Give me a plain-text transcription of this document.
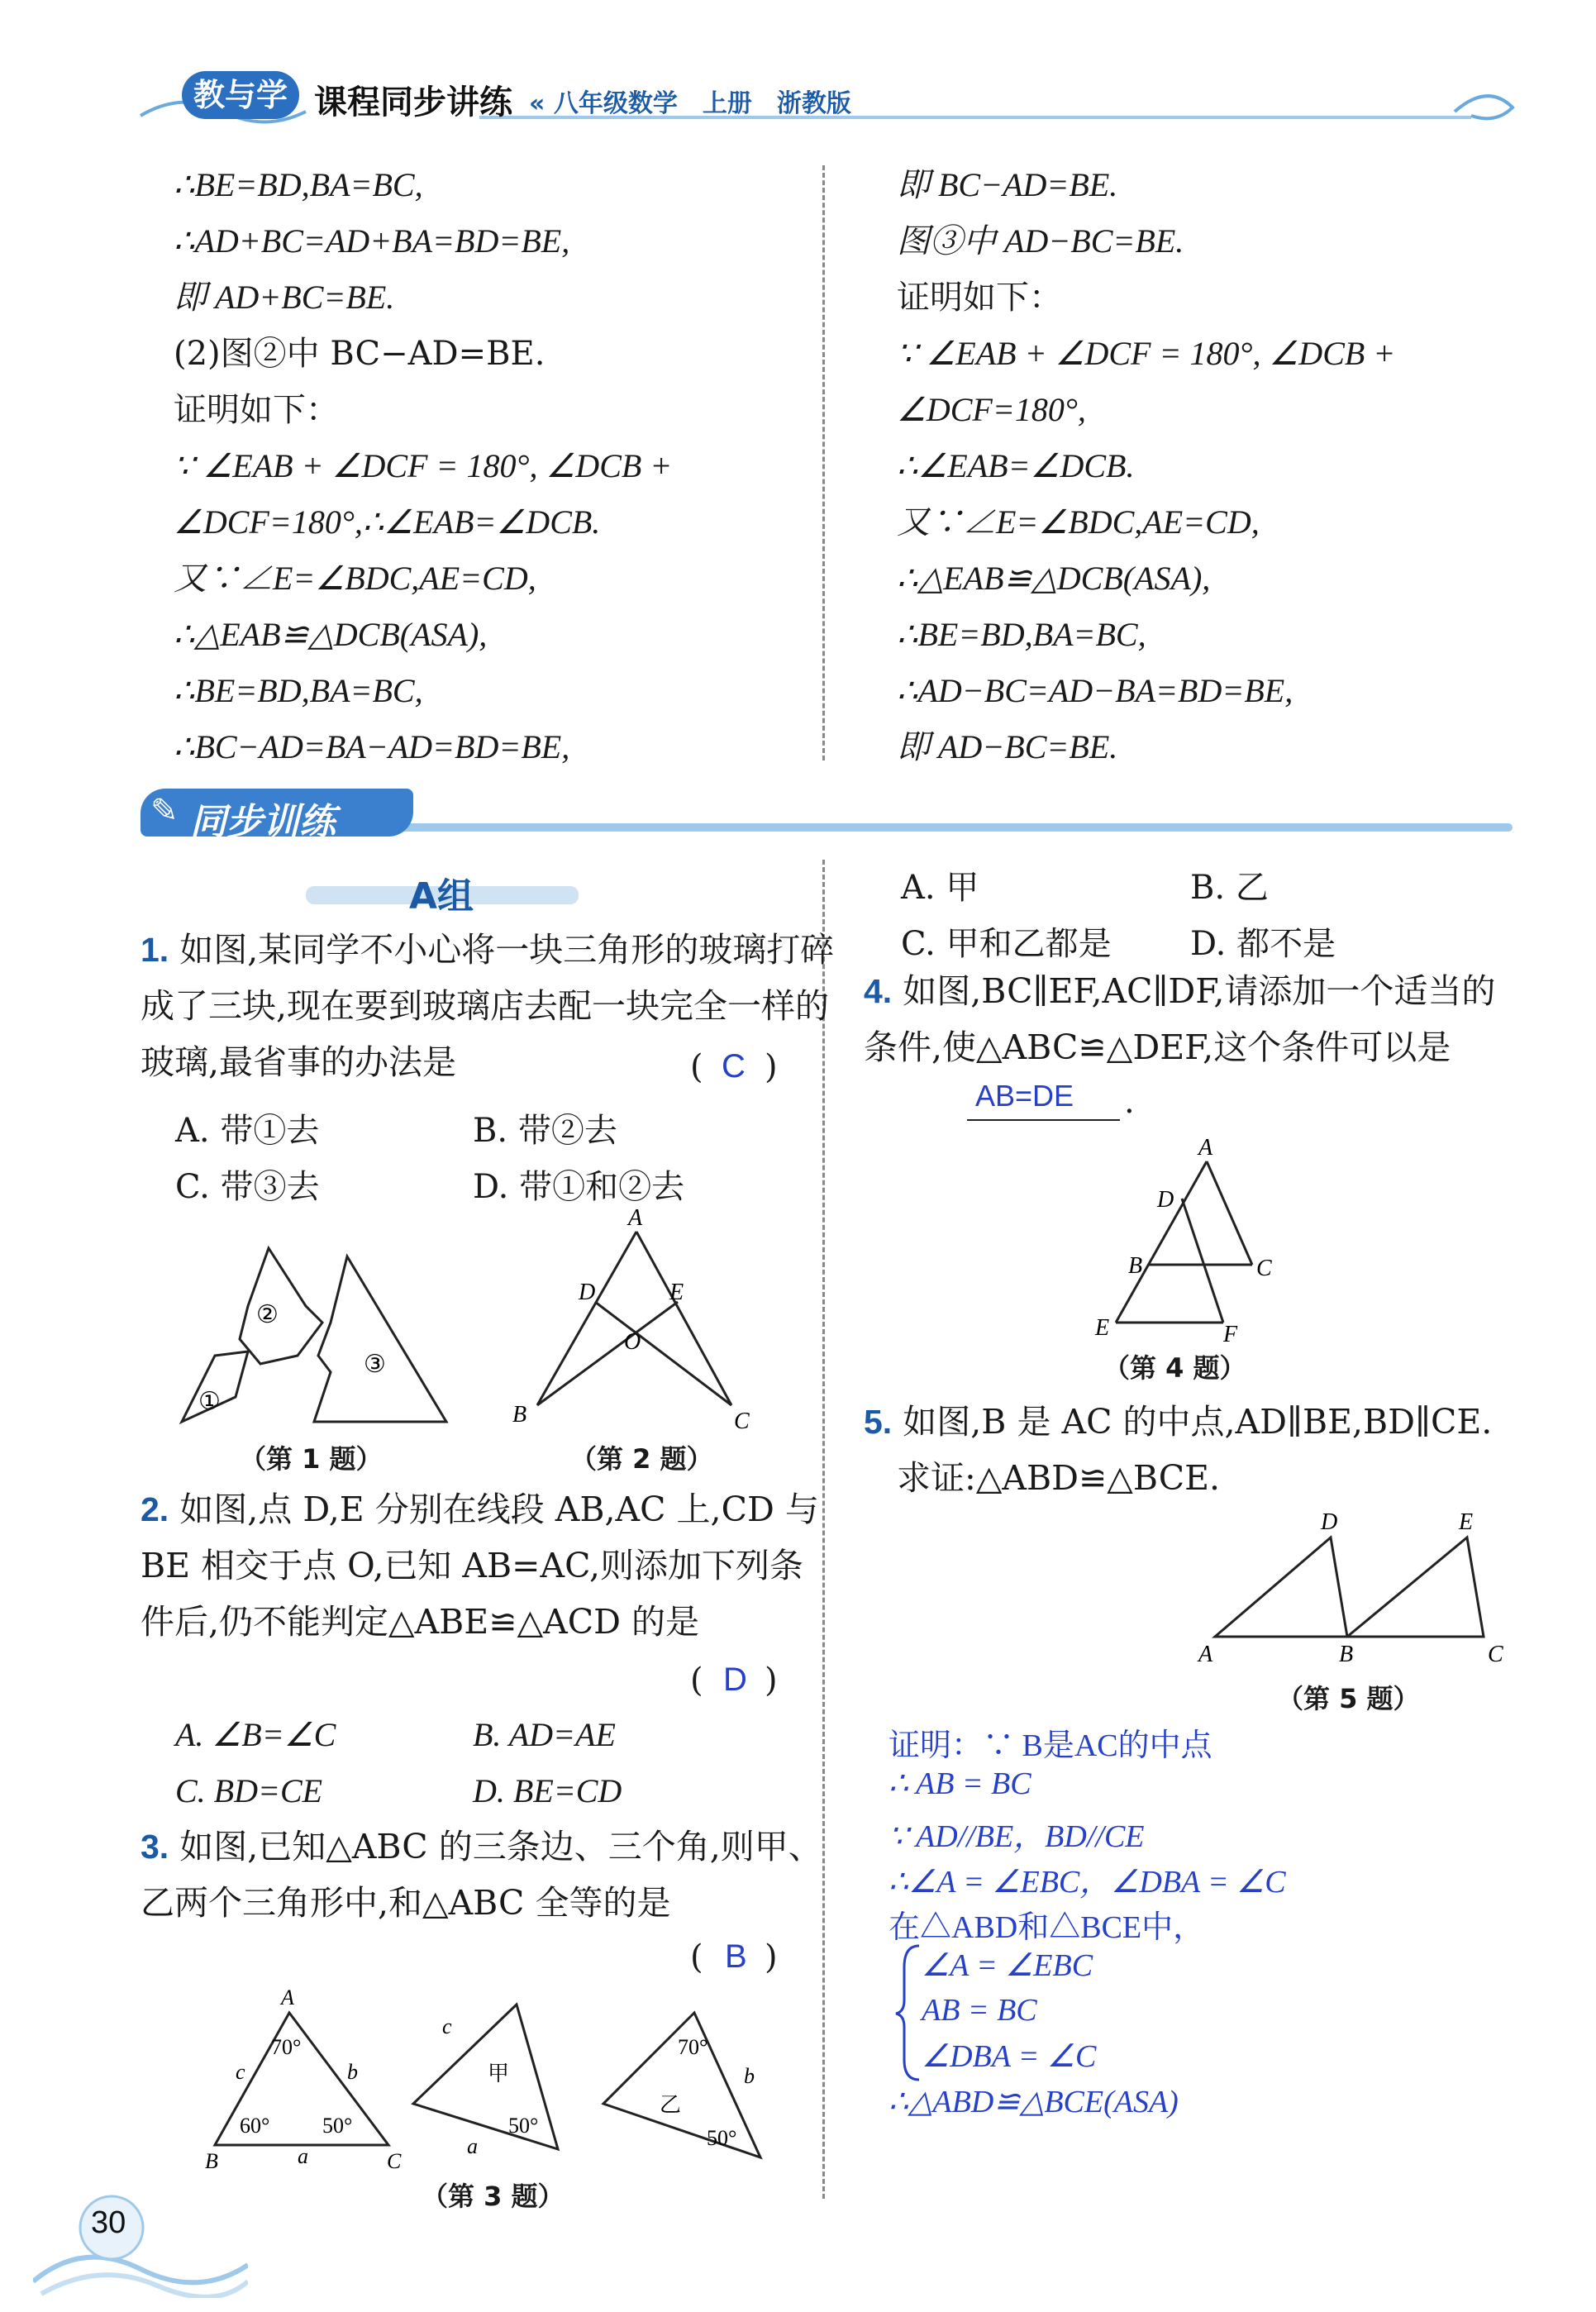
教与学 课程同步讲练 « 八年级数学　上册　浙教版
∴BE=BD,BA=BC,
∴AD+BC=AD+BA=BD=BE,
即 AD+BC=BE.
(2)图②中 BC−AD=BE.
证明如下：
∵ ∠EAB + ∠DCF = 180°, ∠DCB +
∠DCF=180°,∴∠EAB=∠DCB.
又∵∠E=∠BDC,AE=CD,
∴△EAB≌△DCB(ASA),
∴BE=BD,BA=BC,
∴BC−AD=BA−AD=BD=BE,
即 BC−AD=BE.
图③中 AD−BC=BE.
证明如下：
∵ ∠EAB + ∠DCF = 180°, ∠DCB +
∠DCF=180°,
∴∠EAB=∠DCB.
又∵∠E=∠BDC,AE=CD,
∴△EAB≌△DCB(ASA),
∴BE=BD,BA=BC,
∴AD−BC=AD−BA=BD=BE,
即 AD−BC=BE.
同步训练
✎
A组
1. 如图,某同学不小心将一块三角形的玻璃打碎成了三块,现在要到玻璃店去配一块完全一样的玻璃,最省事的办法是	( C )
A. 带①去	B. 带②去
C. 带③去	D. 带①和②去
①
②
③
（第 1 题）
A
D	E
O
B	C
（第 2 题）
2. 如图,点 D,E 分别在线段 AB,AC 上,CD 与 BE 相交于点 O,已知 AB=AC,则添加下列条件后,仍不能判定△ABE≌△ACD 的是
( D )
A. ∠B=∠C	B. AD=AE
C. BD=CE	D. BE=CD
3. 如图,已知△ABC 的三条边、三个角,则甲、乙两个三角形中,和△ABC 全等的是
( B )
A
B	C
a
b
c
70°
60° 50°
c
甲
50°
a
70°
乙
b
50°
（第 3 题）
A. 甲	B. 乙
C. 甲和乙都是 D. 都不是
4. 如图,BC∥EF,AC∥DF,请添加一个适当的条件,使△ABC≌△DEF,这个条件可以是
AB=DE .
A
D
B	C
E	F
（第 4 题）
5. 如图,B 是 AC 的中点,AD∥BE,BD∥CE.
求证:△ABD≌△BCE.
D	E
A	B	C
（第 5 题）
证明：∵ B是AC的中点
∴ AB = BC
∵ AD//BE，BD//CE
∴∠A = ∠EBC，∠DBA = ∠C
在△ABD和△BCE中，
∠A = ∠EBC
AB = BC
∠DBA = ∠C
∴△ABD≌△BCE(ASA)
30
